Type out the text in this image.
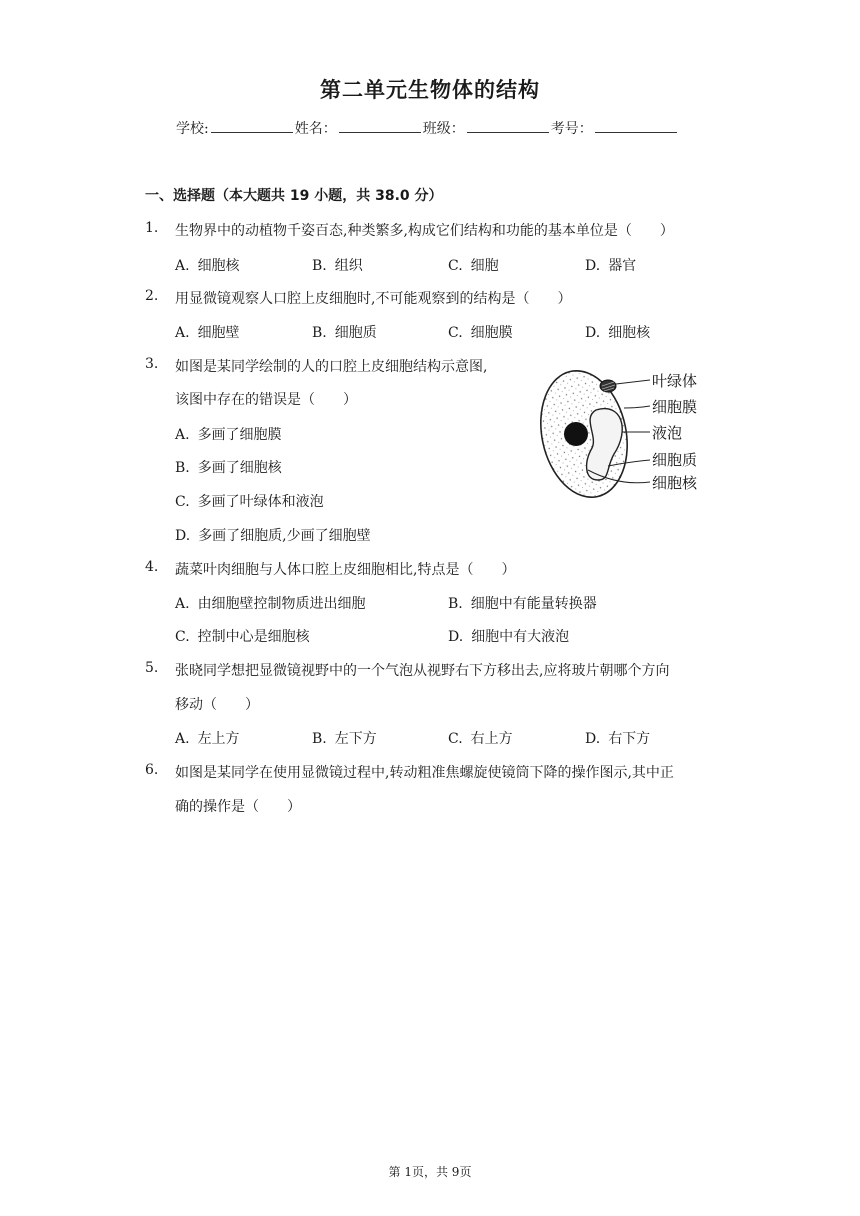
第二单元生物体的结构
学校:	姓名：	班级：	考号：
一、选择题（本大题共 19 小题，共 38.0 分）
1. 生物界中的动植物千姿百态,种类繁多,构成它们结构和功能的基本单位是（　　）
A. 细胞核	B. 组织	C. 细胞	D. 器官
2. 用显微镜观察人口腔上皮细胞时,不可能观察到的结构是（　　）
A. 细胞壁	B. 细胞质	C. 细胞膜	D. 细胞核
3. 如图是某同学绘制的人的口腔上皮细胞结构示意图,
该图中存在的错误是（　　）
A. 多画了细胞膜
B. 多画了细胞核
C. 多画了叶绿体和液泡
D. 多画了细胞质,少画了细胞壁
叶绿体
细胞膜
液泡
细胞质
细胞核
4. 蔬菜叶肉细胞与人体口腔上皮细胞相比,特点是（　　）
A. 由细胞壁控制物质进出细胞	B. 细胞中有能量转换器
C. 控制中心是细胞核	D. 细胞中有大液泡
5. 张晓同学想把显微镜视野中的一个气泡从视野右下方移出去,应将玻片朝哪个方向
移动（　　）
A. 左上方	B. 左下方	C. 右上方	D. 右下方
6. 如图是某同学在使用显微镜过程中,转动粗准焦螺旋使镜筒下降的操作图示,其中正
确的操作是（　　）
第 1页，共 9页
